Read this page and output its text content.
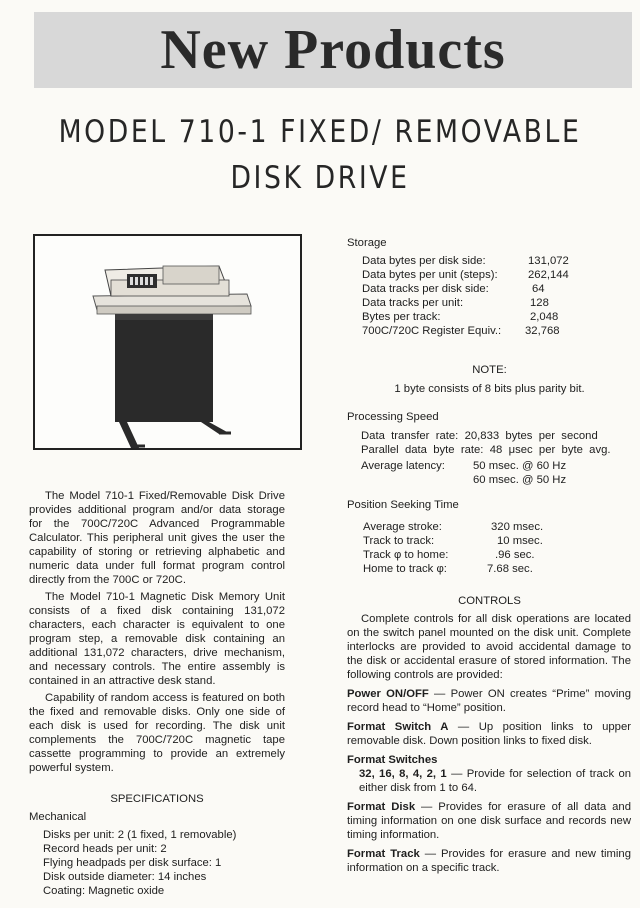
New Products
MODEL 710-1 FIXED/ REMOVABLE
DISK DRIVE

The Model 710-1 Fixed/Removable Disk Drive provides additional program and/or data storage for the 700C/720C Advanced Programmable Calculator. This peripheral unit gives the user the capability of storing or retrieving alphabetic and numeric data under full format program control directly from the 700C or 720C.

The Model 710-1 Magnetic Disk Memory Unit consists of a fixed disk containing 131,072 characters, each character is equivalent to one program step, a removable disk containing an additional 131,072 characters, drive mechanism, and necessary controls. The entire assembly is contained in an attractive desk stand.

Capability of random access is featured on both the fixed and removable disks. Only one side of each disk is used for recording. The disk unit complements the 700C/720C magnetic tape cassette programming to provide an extremely powerful system.

SPECIFICATIONS
Mechanical
Disks per unit: 2 (1 fixed, 1 removable)
Record heads per unit: 2
Flying headpads per disk surface: 1
Disk outside diameter: 14 inches
Coating: Magnetic oxide
Storage
Data bytes per disk side:	131,072
Data bytes per unit (steps):	262,144
Data tracks per disk side:	64
Data tracks per unit:	128
Bytes per track:	2,048
700C/720C Register Equiv.: 32,768
NOTE:
1 byte consists of 8 bits plus parity bit.
Processing Speed
Data  transfer  rate:  20,833  bytes  per  second
Parallel  data  byte  rate:  48  μsec  per  byte  avg.
Average latency: 50 msec. @ 60 Hz
60 msec. @ 50 Hz
Position Seeking Time
Average stroke:	320 msec.
Track to track:	10 msec.
Track φ to home:	.96 sec.
Home to track φ:	7.68 sec.
CONTROLS

Complete controls for all disk operations are located on the switch panel mounted on the disk unit. Complete interlocks are provided to avoid accidental damage to the disk or accidental erasure of stored information. The following controls are provided:

Power ON/OFF — Power ON creates “Prime” moving record head to “Home” position.

Format Switch A — Up position links to upper removable disk. Down position links to fixed disk.

Format Switches

32, 16, 8, 4, 2, 1 — Provide for selection of track on either disk from 1 to 64.

Format Disk — Provides for erasure of all data and timing information on one disk surface and records new timing information.

Format Track — Provides for erasure and new timing information on a specific track.
